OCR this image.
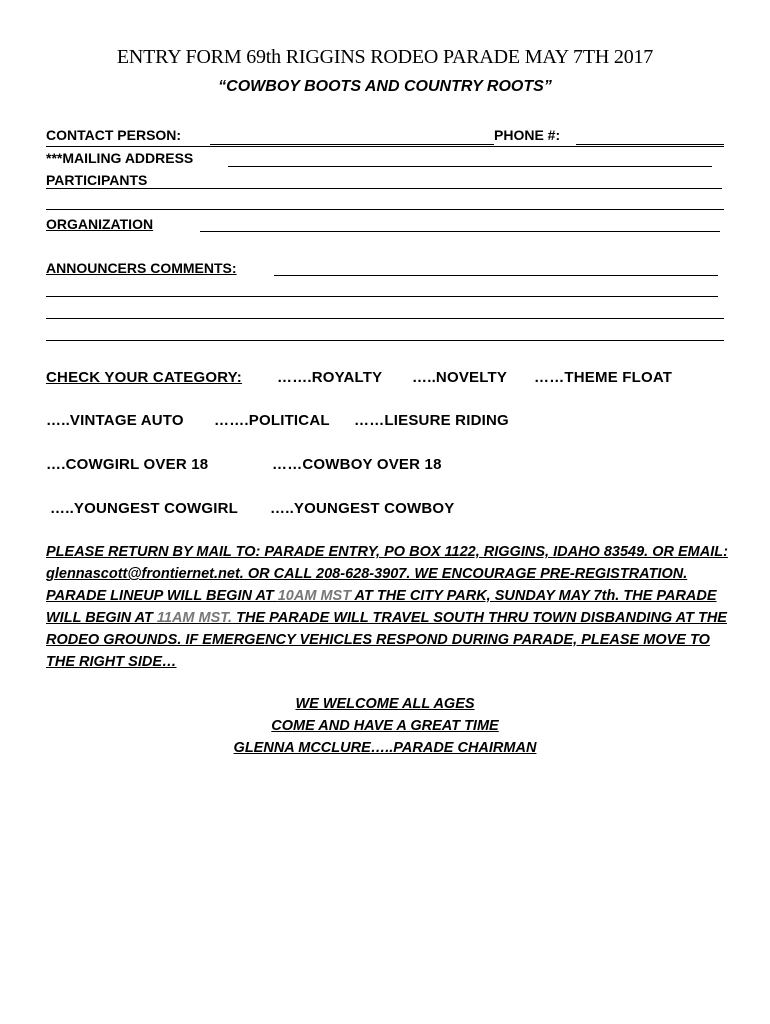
ENTRY FORM 69th RIGGINS RODEO PARADE MAY 7TH 2017
“COWBOY BOOTS AND COUNTRY ROOTS”
CONTACT PERSON:	PHONE #:
***MAILING ADDRESS
PARTICIPANTS
ORGANIZATION
ANNOUNCERS COMMENTS:
CHECK YOUR CATEGORY: …….ROYALTY …..NOVELTY ……THEME FLOAT
…..VINTAGE AUTO …….POLITICAL ……LIESURE RIDING
….COWGIRL OVER 18	……COWBOY OVER 18
…..YOUNGEST COWGIRL …..YOUNGEST COWBOY
PLEASE RETURN BY MAIL TO: PARADE ENTRY, PO BOX 1122, RIGGINS, IDAHO 83549. OR EMAIL: glennascott@frontiernet.net. OR CALL 208-628-3907. WE ENCOURAGE PRE-REGISTRATION. PARADE LINEUP WILL BEGIN AT 10AM MST AT THE CITY PARK, SUNDAY MAY 7th. THE PARADE WILL BEGIN AT 11AM MST. THE PARADE WILL TRAVEL SOUTH THRU TOWN DISBANDING AT THE RODEO GROUNDS. IF EMERGENCY VEHICLES RESPOND DURING PARADE, PLEASE MOVE TO THE RIGHT SIDE…
WE WELCOME ALL AGES
COME AND HAVE A GREAT TIME
GLENNA MCCLURE…..PARADE CHAIRMAN
